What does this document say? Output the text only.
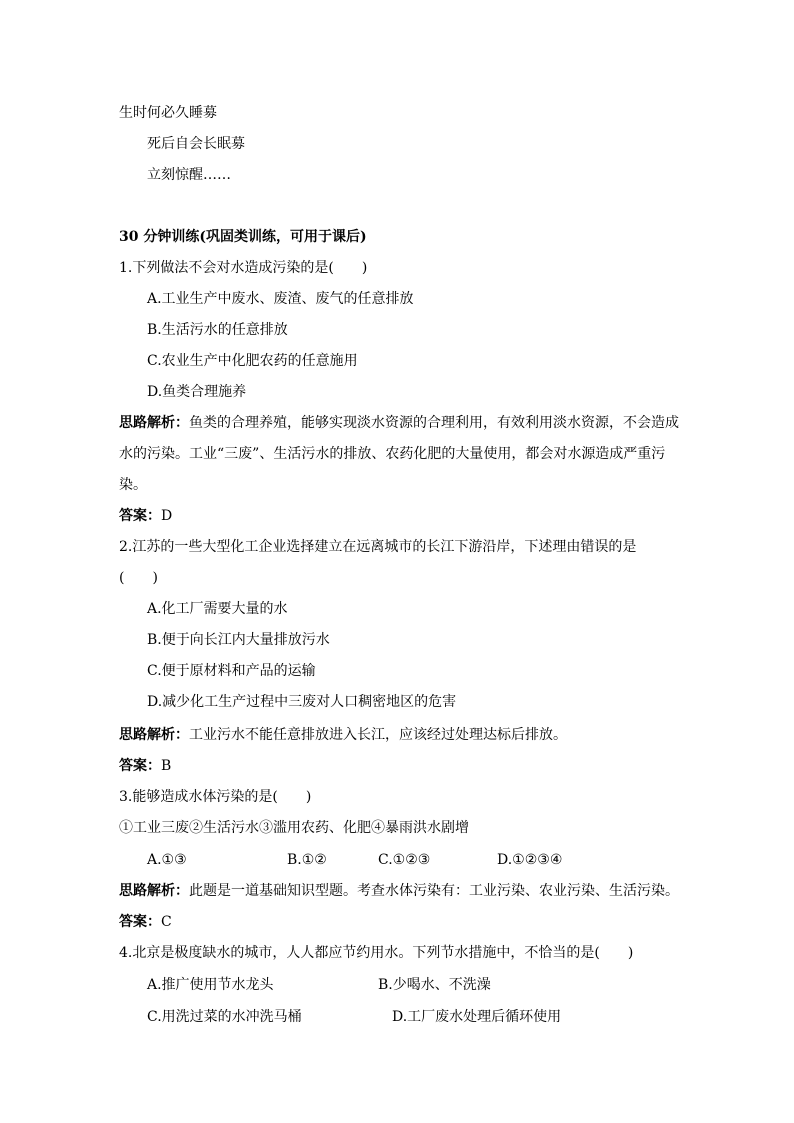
生时何必久睡募
死后自会长眠募
立刻惊醒……
30 分钟训练(巩固类训练，可用于课后)
1.下列做法不会对水造成污染的是(　　)
A.工业生产中废水、废渣、废气的任意排放
B.生活污水的任意排放
C.农业生产中化肥农药的任意施用
D.鱼类合理施养
思路解析：鱼类的合理养殖，能够实现淡水资源的合理利用，有效利用淡水资源，不会造成
水的污染。工业“三废”、生活污水的排放、农药化肥的大量使用，都会对水源造成严重污
染。
答案：D
2.江苏的一些大型化工企业选择建立在远离城市的长江下游沿岸，下述理由错误的是
(　　)
A.化工厂需要大量的水
B.便于向长江内大量排放污水
C.便于原材料和产品的运输
D.减少化工生产过程中三废对人口稠密地区的危害
思路解析：工业污水不能任意排放进入长江，应该经过处理达标后排放。
答案：B
3.能够造成水体污染的是(　　)
①工业三废②生活污水③滥用农药、化肥④暴雨洪水剧增
A.①③	B.①②	C.①②③	D.①②③④
思路解析：此题是一道基础知识型题。考查水体污染有：工业污染、农业污染、生活污染。
答案：C
4.北京是极度缺水的城市，人人都应节约用水。下列节水措施中，不恰当的是(　　)
A.推广使用节水龙头	B.少喝水、不洗澡
C.用洗过菜的水冲洗马桶	D.工厂废水处理后循环使用
